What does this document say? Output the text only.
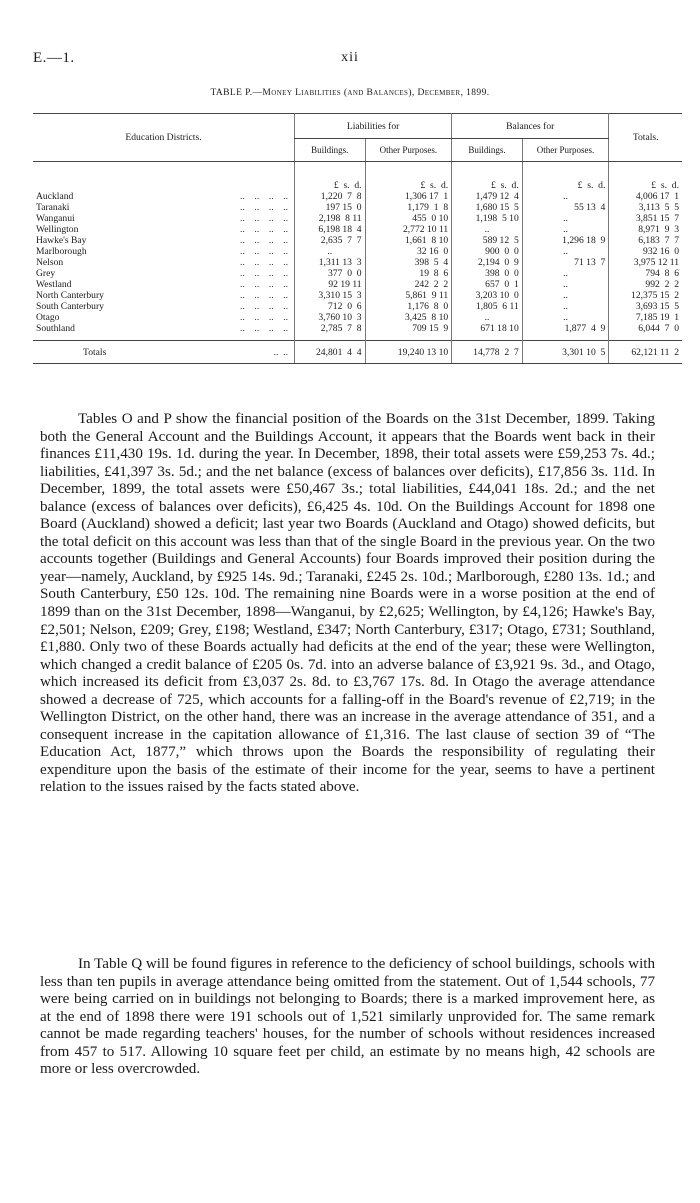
E.—1.	xii
TABLE P.—Money Liabilities (and Balances), December, 1899.
Education Districts.	Liabilities for		Balances for		Totals.
	Buildings.	Other Purposes.	Buildings.	Other Purposes.	
	£  s.  d.	£  s.  d.	£  s.  d.	£  s.  d.	£  s.  d.
Auckland ..    ..    ..    ..	1,220  7  8	1,306 17  1	1,479 12  4	..	4,006 17  1
Taranaki ..    ..    ..    ..	197 15  0	1,179  1  8	1,680 15  5	55 13  4	3,113  5  5
Wanganui ..    ..    ..    ..	2,198  8 11	455  0 10	1,198  5 10	..	3,851 15  7
Wellington ..    ..    ..    ..	6,198 18  4	2,772 10 11	..	..	8,971  9  3
Hawke's Bay ..    ..    ..    ..	2,635  7  7	1,661  8 10	589 12  5	1,296 18  9	6,183  7  7
Marlborough ..    ..    ..    ..	..	32 16  0	900  0  0	..	932 16  0
Nelson ..    ..    ..    ..	1,311 13  3	398  5  4	2,194  0  9	71 13  7	3,975 12 11
Grey ..    ..    ..    ..	377  0  0	19  8  6	398  0  0	..	794  8  6
Westland ..    ..    ..    ..	92 19 11	242  2  2	657  0  1	..	992  2  2
North Canterbury ..    ..    ..    ..	3,310 15  3	5,861  9 11	3,203 10  0	..	12,375 15  2
South Canterbury ..    ..    ..    ..	712  0  6	1,176  8  0	1,805  6 11	..	3,693 15  5
Otago ..    ..    ..    ..	3,760 10  3	3,425  8 10	..	..	7,185 19  1
Southland ..    ..    ..    ..	2,785  7  8	709 15  9	671 18 10	1,877  4  9	6,044  7  0
Totals ..  ..	24,801  4  4	19,240 13 10	14,778  2  7	3,301 10  5	62,121 11  2

Tables O and P show the financial position of the Boards on the 31st December, 1899. Taking both the General Account and the Buildings Account, it appears that the Boards went back in their finances £11,430 19s. 1d. during the year. In December, 1898, their total assets were £59,253 7s. 4d.; liabilities, £41,397 3s. 5d.; and the net balance (excess of balances over deficits), £17,856 3s. 11d. In December, 1899, the total assets were £50,467 3s.; total liabilities, £44,041 18s. 2d.; and the net balance (excess of balances over deficits), £6,425 4s. 10d. On the Buildings Account for 1898 one Board (Auckland) showed a deficit; last year two Boards (Auckland and Otago) showed deficits, but the total deficit on this account was less than that of the single Board in the previous year. On the two accounts together (Buildings and General Accounts) four Boards improved their position during the year—namely, Auckland, by £925 14s. 9d.; Taranaki, £245 2s. 10d.; Marlborough, £280 13s. 1d.; and South Canterbury, £50 12s. 10d. The remaining nine Boards were in a worse position at the end of 1899 than on the 31st December, 1898—Wanganui, by £2,625; Wellington, by £4,126; Hawke's Bay, £2,501; Nelson, £209; Grey, £198; Westland, £347; North Canterbury, £317; Otago, £731; Southland, £1,880. Only two of these Boards actually had deficits at the end of the year; these were Wellington, which changed a credit balance of £205 0s. 7d. into an adverse balance of £3,921 9s. 3d., and Otago, which increased its deficit from £3,037 2s. 8d. to £3,767 17s. 8d. In Otago the average attendance showed a decrease of 725, which accounts for a falling-off in the Board's revenue of £2,719; in the Wellington District, on the other hand, there was an increase in the average attendance of 351, and a consequent increase in the capitation allowance of £1,316. The last clause of section 39 of “The Education Act, 1877,” which throws upon the Boards the responsibility of regulating their expenditure upon the basis of the estimate of their income for the year, seems to have a pertinent relation to the issues raised by the facts stated above.

In Table Q will be found figures in reference to the deficiency of school buildings, schools with less than ten pupils in average attendance being omitted from the statement. Out of 1,544 schools, 77 were being carried on in buildings not belonging to Boards; there is a marked improvement here, as at the end of 1898 there were 191 schools out of 1,521 similarly unprovided for. The same remark cannot be made regarding teachers' houses, for the number of schools without residences increased from 457 to 517. Allowing 10 square feet per child, an estimate by no means high, 42 schools are more or less overcrowded.
